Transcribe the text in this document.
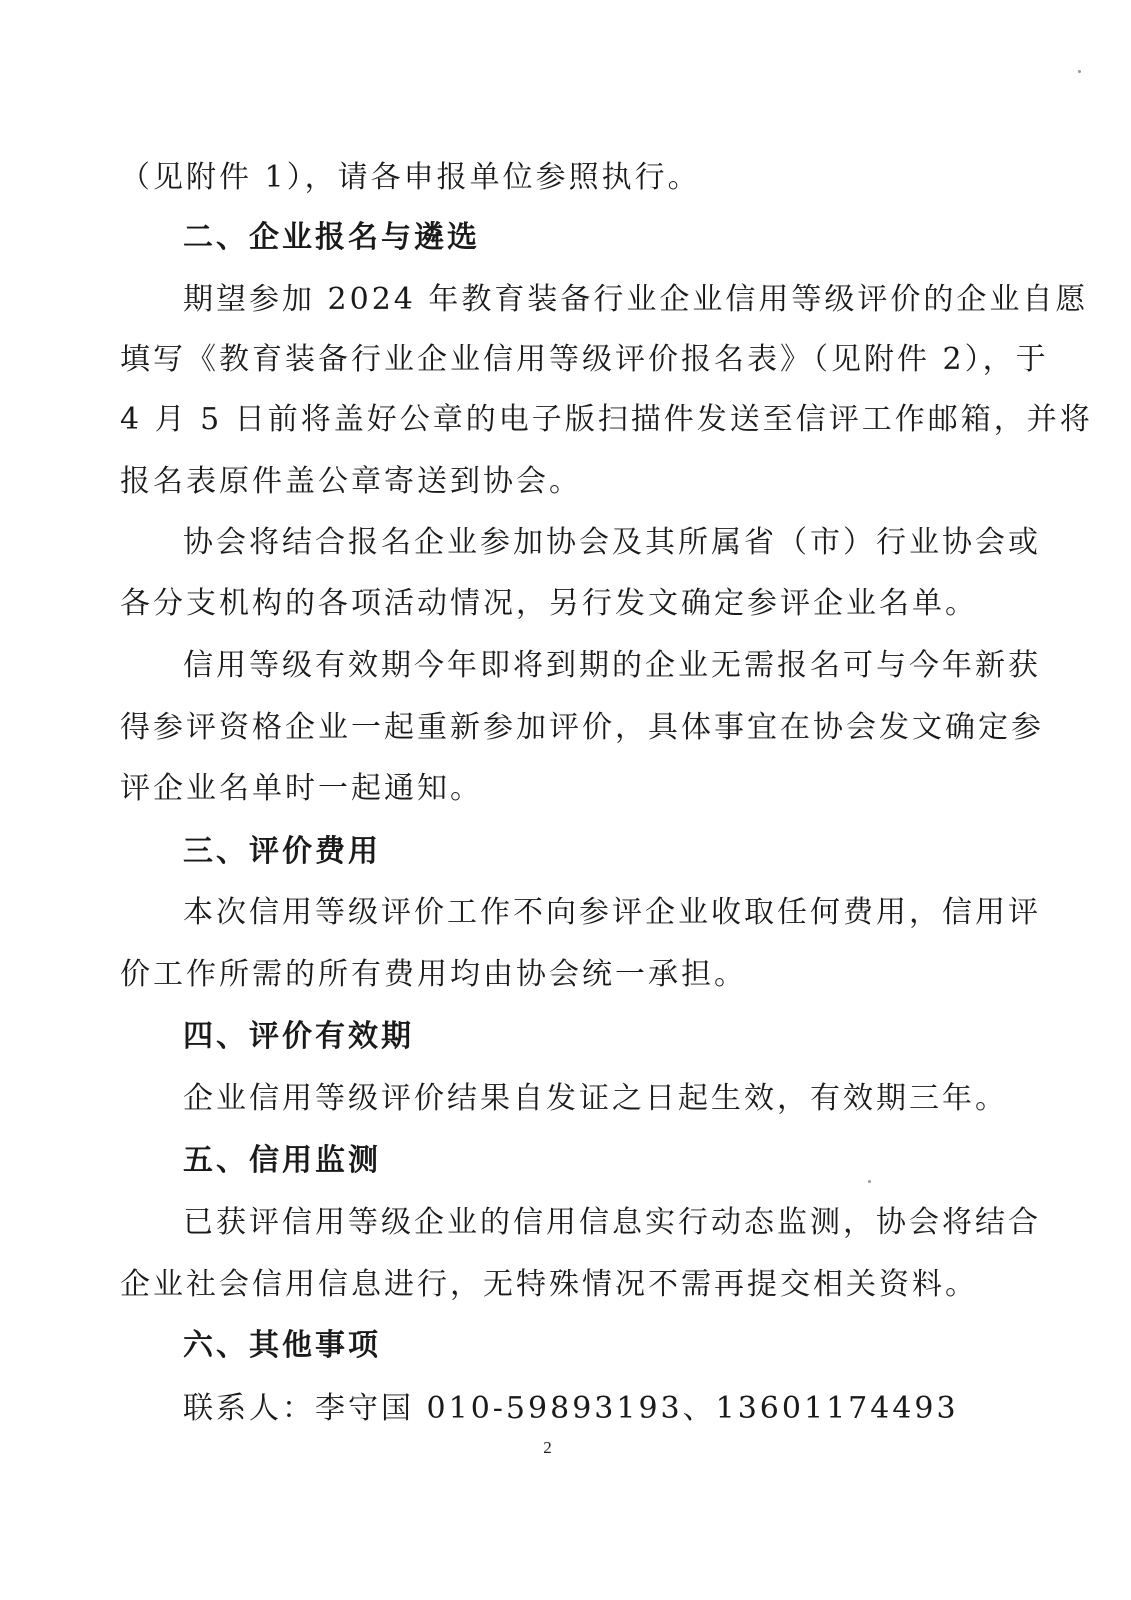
（见附件 1），请各申报单位参照执行。
二、企业报名与遴选
期望参加 2024 年教育装备行业企业信用等级评价的企业自愿
填写《教育装备行业企业信用等级评价报名表》（见附件 2），于
4 月 5 日前将盖好公章的电子版扫描件发送至信评工作邮箱，并将
报名表原件盖公章寄送到协会。
协会将结合报名企业参加协会及其所属省（市）行业协会或
各分支机构的各项活动情况，另行发文确定参评企业名单。
信用等级有效期今年即将到期的企业无需报名可与今年新获
得参评资格企业一起重新参加评价，具体事宜在协会发文确定参
评企业名单时一起通知。
三、评价费用
本次信用等级评价工作不向参评企业收取任何费用，信用评
价工作所需的所有费用均由协会统一承担。
四、评价有效期
企业信用等级评价结果自发证之日起生效，有效期三年。
五、信用监测
已获评信用等级企业的信用信息实行动态监测，协会将结合
企业社会信用信息进行，无特殊情况不需再提交相关资料。
六、其他事项
联系人：李守国 010-59893193、13601174493
2
